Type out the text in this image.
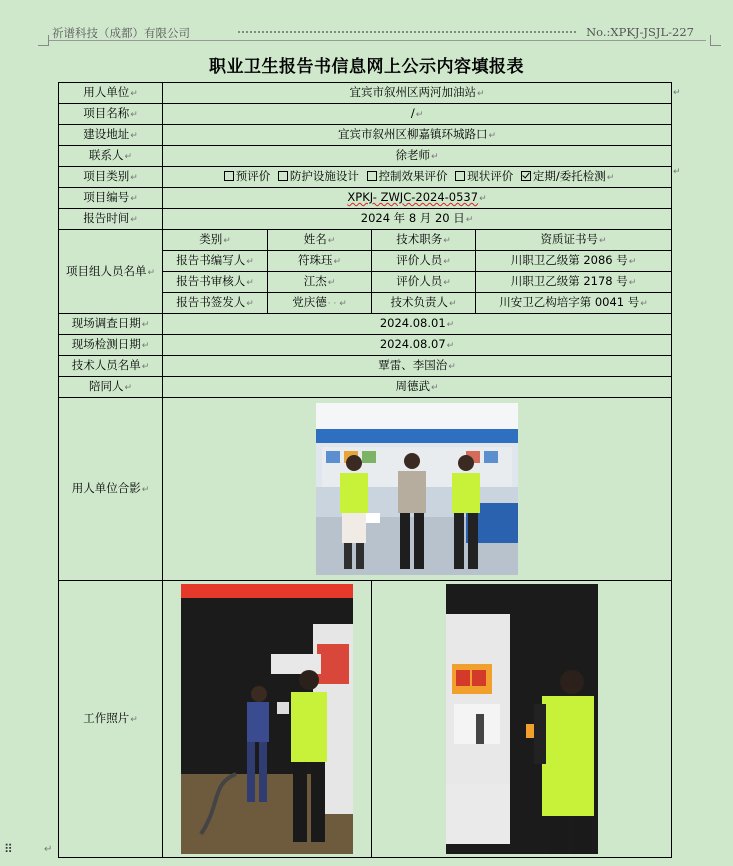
祈谱科技（成都）有限公司	No.:XPKJ-JSJL-227
职业卫生报告书信息网上公示内容填报表
用人单位↵	宜宾市叙州区两河加油站↵			
项目名称↵	/↵			
建设地址↵	宜宾市叙州区柳嘉镇环城路口↵			
联系人↵	徐老师↵			
项目类别↵	预评价 防护设施设计 控制效果评价 现状评价 定期/委托检测↵			
项目编号↵	XPKJ- ZWJC-2024-0537↵			
报告时间↵	2024 年 8 月 20 日↵			
项目组人员名单↵	类别↵	姓名↵	技术职务↵	资质证书号↵
	报告书编写人↵	符珠珏↵	评价人员↵	川职卫乙级第 2086 号↵
	报告书审核人↵	江杰↵	评价人员↵	川职卫乙级第 2178 号↵
	报告书签发人↵	党庆德· · ↵	技术负责人↵	川安卫乙构培字第 0041 号↵
现场调查日期↵	2024.08.01↵			
现场检测日期↵	2024.08.07↵			
技术人员名单↵	覃雷、李国治↵			
陪同人↵	周德武↵			
用人单位合影↵	

工作照片↵	

↵
↵
⠿	↵
